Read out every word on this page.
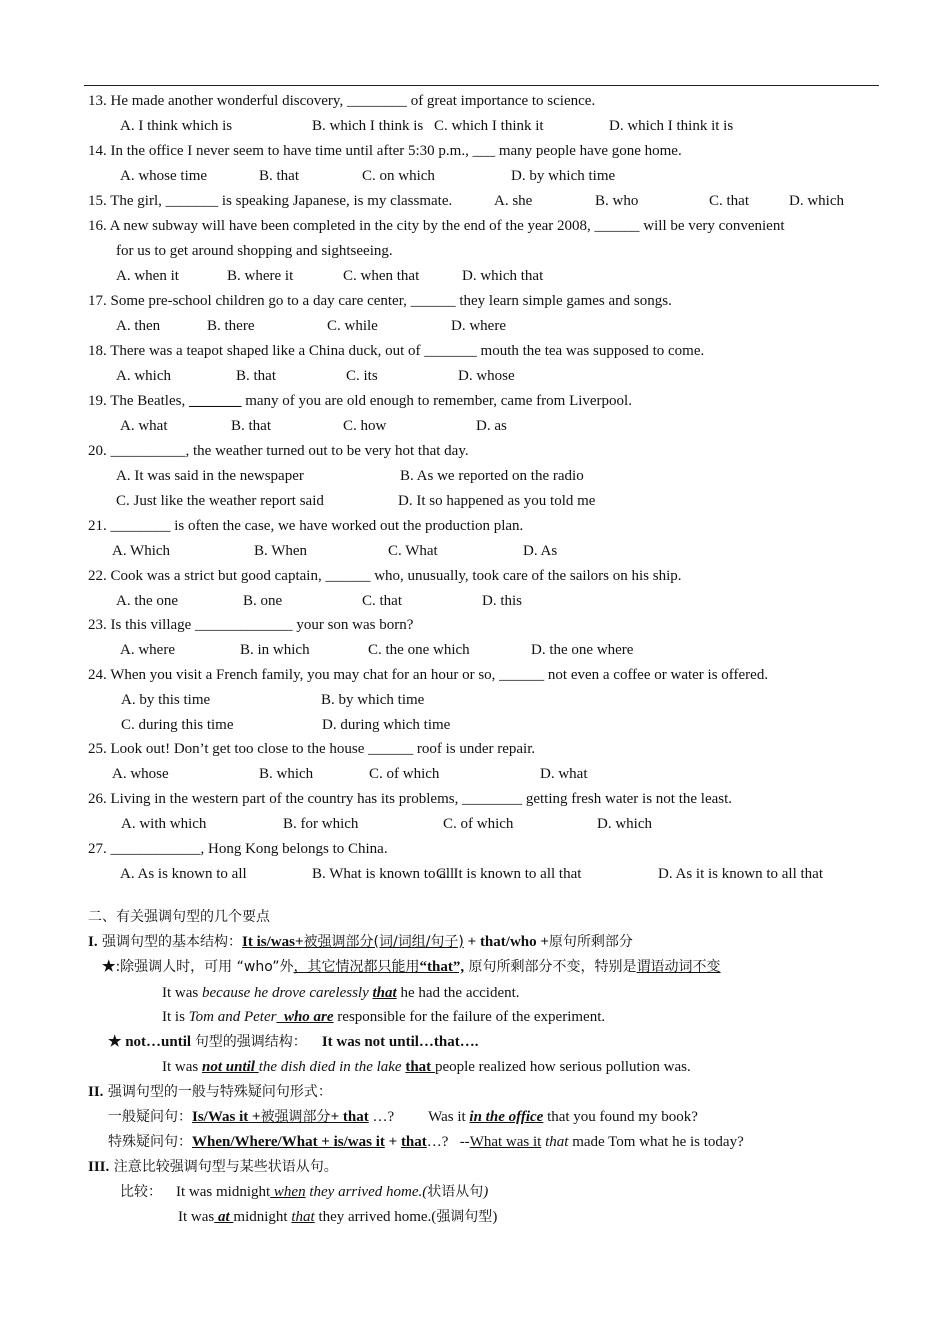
13. He made another wonderful discovery, ________ of great importance to science.
A. I think which is	B. which I think is C. which I think it	D. which I think it is
14. In the office I never seem to have time until after 5:30 p.m., ___ many people have gone home.
A. whose time	B. that	C. on which	D. by which time
15. The girl, _______ is speaking Japanese, is my classmate.	A. she	B. who	C. that	D. which
16. A new subway will have been completed in the city by the end of the year 2008, ______ will be very convenient
for us to get around shopping and sightseeing.
A. when it	B. where it	C. when that	D. which that
17. Some pre-school children go to a day care center, ______ they learn simple games and songs.
A. then	B. there	C. while	D. where
18. There was a teapot shaped like a China duck, out of _______ mouth the tea was supposed to come.
A. which	B. that	C. its	D. whose
19. The Beatles, _______ many of you are old enough to remember, came from Liverpool.
A. what	B. that	C. how	D. as
20. __________, the weather turned out to be very hot that day.
A. It was said in the newspaper	B. As we reported on the radio
C. Just like the weather report said	D. It so happened as you told me
21. ________ is often the case, we have worked out the production plan.
A. Which	B. When	C. What	D. As
22. Cook was a strict but good captain, ______ who, unusually, took care of the sailors on his ship.
A. the one	B. one	C. that	D. this
23. Is this village _____________ your son was born?
A. where	B. in which	C. the one which	D. the one where
24. When you visit a French family, you may chat for an hour or so, ______ not even a coffee or water is offered.
A. by this time	B. by which time
C. during this time	D. during which time
25. Look out! Don’t get too close to the house ______ roof is under repair.
A. whose	B. which	C. of which	D. what
26. Living in the western part of the country has its problems, ________ getting fresh water is not the least.
A. with which	B. for which	C. of which	D. which
27. ____________, Hong Kong belongs to China.
A. As is known to all	B. What is known to all
C. It is known to all that	D. As it is known to all that
二、有关强调句型的几个要点
I. 强调句型的基本结构：It is/was+被强调部分(词/词组/句子) + that/who +原句所剩部分
★:除强调人时，可用 “who”外，其它情况都只能用“that”, 原句所剩部分不变，特别是谓语动词不变
It was because he drove carelessly that he had the accident.
It is Tom and Peter  who are responsible for the failure of the experiment.
★ not…until 句型的强调结构：    It was not until…that….
It was not until the dish died in the lake that people realized how serious pollution was.
II. 强调句型的一般与特殊疑问句形式：
一般疑问句：Is/Was it +被强调部分+ that …? Was it in the office that you found my book?
特殊疑问句：When/Where/What + is/was it + that…?   --What was it that made Tom what he is today?
III. 注意比较强调句型与某些状语从句。
比较： It was midnight when they arrived home.(状语从句)
It was at midnight that they arrived home.(强调句型)
